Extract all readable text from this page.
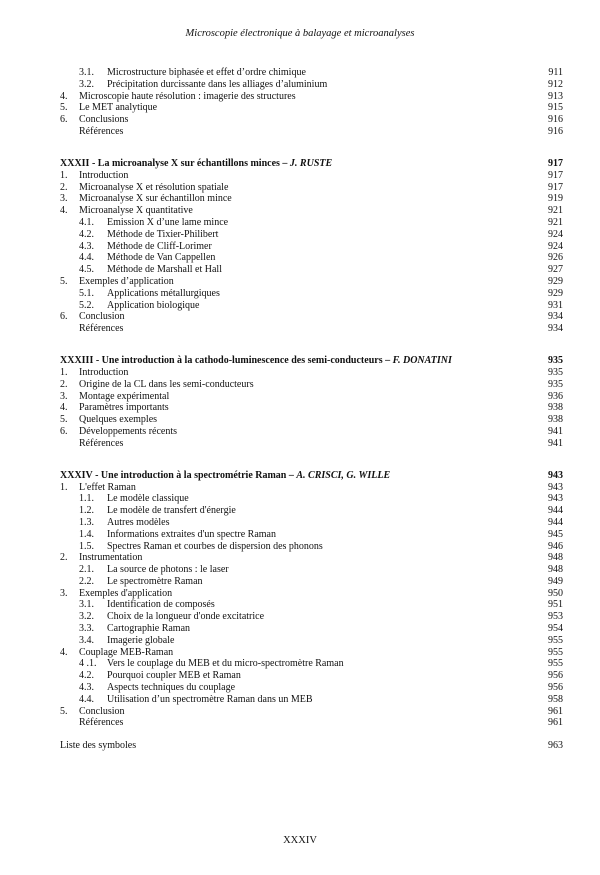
Microscopie électronique à balayage et microanalyses
3.1. Microstructure biphasée et effet d’ordre chimique	911
3.2. Précipitation durcissante dans les alliages d’aluminium	912
4. Microscopie haute résolution : imagerie des structures	913
5. Le MET analytique	915
6. Conclusions	916
Références	916
XXXII - La microanalyse X sur échantillons minces – J. RUSTE	917
1. Introduction	917
2. Microanalyse X et résolution spatiale	917
3. Microanalyse X sur échantillon mince	919
4. Microanalyse X quantitative	921
4.1. Emission X d’une lame mince	921
4.2. Méthode de Tixier-Philibert	924
4.3. Méthode de Cliff-Lorimer	924
4.4. Méthode de Van Cappellen	926
4.5. Méthode de Marshall et Hall	927
5. Exemples d’application	929
5.1. Applications métallurgiques	929
5.2. Application biologique	931
6. Conclusion	934
Références	934
XXXIII - Une introduction à la cathodo-luminescence des semi-conducteurs – F. DONATINI	935
1. Introduction	935
2. Origine de la CL dans les semi-conducteurs	935
3. Montage expérimental	936
4. Paramètres importants	938
5. Quelques exemples	938
6. Développements récents	941
Références	941
XXXIV - Une introduction à la spectrométrie Raman – A. CRISCI, G. WILLE	943
1. L'effet Raman	943
1.1. Le modèle classique	943
1.2. Le modèle de transfert d'énergie	944
1.3. Autres modèles	944
1.4. Informations extraites d'un spectre Raman	945
1.5. Spectres Raman et courbes de dispersion des phonons	946
2. Instrumentation	948
2.1. La source de photons : le laser	948
2.2. Le spectromètre Raman	949
3. Exemples d'application	950
3.1. Identification de composés	951
3.2. Choix de la longueur d'onde excitatrice	953
3.3. Cartographie Raman	954
3.4. Imagerie globale	955
4. Couplage MEB-Raman	955
4 .1. Vers le couplage du MEB et du micro-spectromètre Raman	955
4.2. Pourquoi coupler MEB et Raman	956
4.3. Aspects techniques du couplage	956
4.4. Utilisation d’un spectromètre Raman dans un MEB	958
5. Conclusion	961
Références	961
Liste des symboles	963
XXXIV
